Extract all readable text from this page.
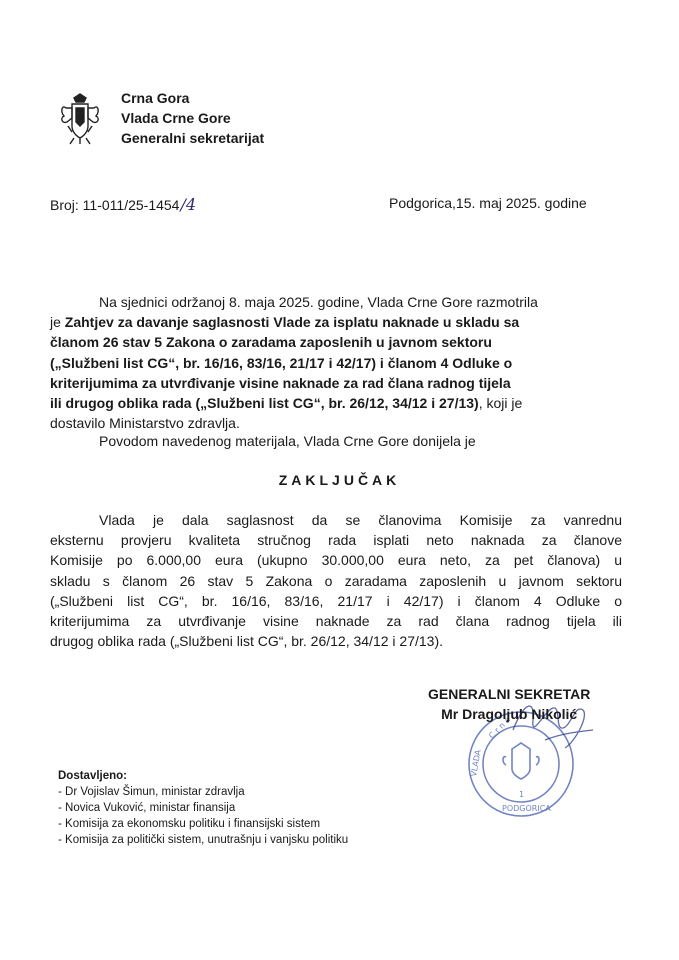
Crna Gora
Vlada Crne Gore
Generalni sekretarijat
Broj: 11-011/25-1454/4	Podgorica,15. maj 2025. godine
Na sjednici održanoj 8. maja 2025. godine, Vlada Crne Gore razmotrila
je Zahtjev za davanje saglasnosti Vlade za isplatu naknade u skladu sa
članom 26 stav 5 Zakona o zaradama zaposlenih u javnom sektoru
(„Službeni list CG“, br. 16/16, 83/16, 21/17 i 42/17) i članom 4 Odluke o
kriterijumima za utvrđivanje visine naknade za rad člana radnog tijela
ili drugog oblika rada („Službeni list CG“, br. 26/12, 34/12 i 27/13), koji je
dostavilo Ministarstvo zdravlja.
Povodom navedenog materijala, Vlada Crne Gore donijela je
ZAKLJUČAK
Vlada je dala saglasnost da se članovima Komisije za vanrednu
eksternu provjeru kvaliteta stručnog rada isplati neto naknada za članove
Komisije po 6.000,00 eura (ukupno 30.000,00 eura neto, za pet članova) u
skladu s članom 26 stav 5 Zakona o zaradama zaposlenih u javnom sektoru
(„Službeni list CG“, br. 16/16, 83/16, 21/17 i 42/17) i članom 4 Odluke o
kriterijumima za utvrđivanje visine naknade za rad člana radnog tijela ili
drugog oblika rada („Službeni list CG“, br. 26/12, 34/12 i 27/13).
C r n a
VLADA
1
PODGORICA
GENERALNI SEKRETAR
Mr Dragoljub Nikolić
Dostavljeno:
- Dr Vojislav Šimun, ministar zdravlja
- Novica Vuković, ministar finansija
- Komisija za ekonomsku politiku i finansijski sistem
- Komisija za politički sistem, unutrašnju i vanjsku politiku
